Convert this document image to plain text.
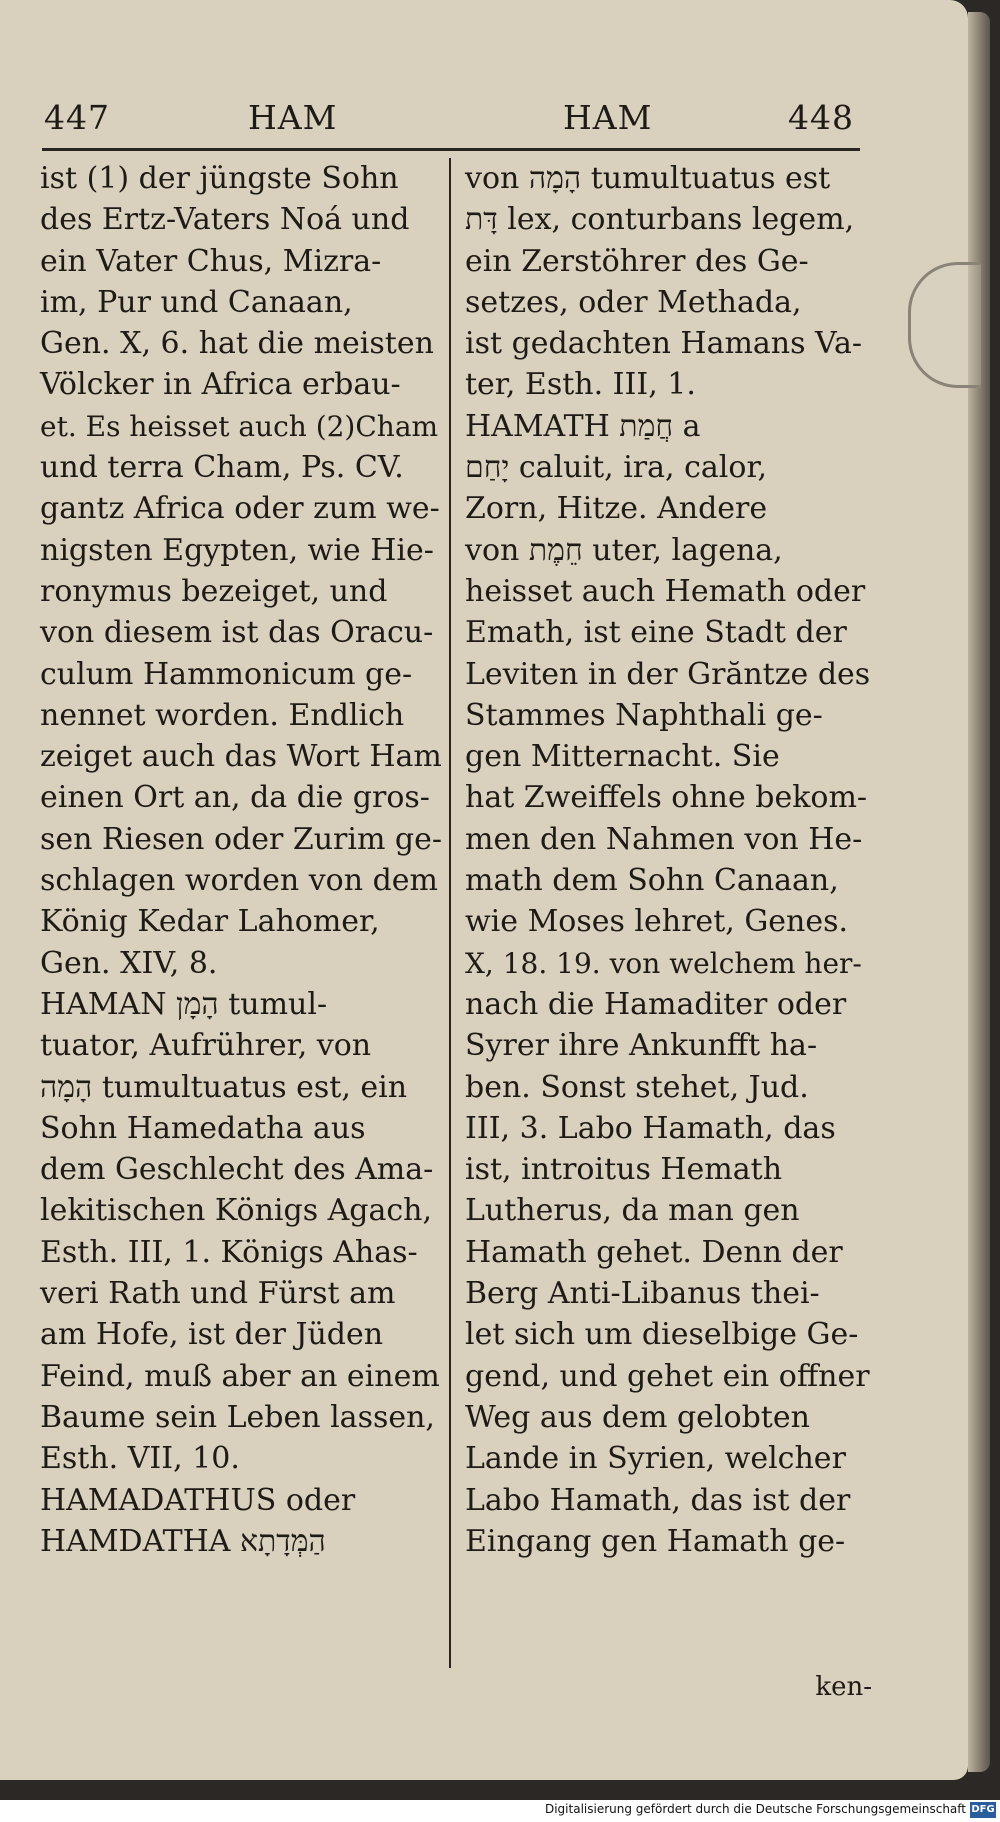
447	HAM	HAM	448
ist (1) der jüngste Sohn
des Ertz-Vaters Noá und
ein Vater Chus, Mizra-
im, Pur und Canaan,
Gen. X, 6. hat die meisten
Völcker in Africa erbau-
et. Es heisset auch (2)Cham
und terra Cham, Ps. CV.
gantz Africa oder zum we-
nigsten Egypten, wie Hie-
ronymus bezeiget, und
von diesem ist das Oracu-
culum Hammonicum ge-
nennet worden. Endlich
zeiget auch das Wort Ham
einen Ort an, da die gros-
sen Riesen oder Zurim ge-
schlagen worden von dem
König Kedar Lahomer,
Gen. XIV, 8.
HAMAN הָמָן tumul-
tuator, Aufrührer, von
הָמָה tumultuatus est, ein
Sohn Hamedatha aus
dem Geschlecht des Ama-
lekitischen Königs Agach,
Esth. III, 1. Königs Ahas-
veri Rath und Fürst am
am Hofe, ist der Jüden
Feind, muß aber an einem
Baume sein Leben lassen,
Esth. VII, 10.
HAMADATHUS oder
HAMDATHA הַמְּדָתָא
von הָמָה tumultuatus est
דָּת lex, conturbans legem,
ein Zerstöhrer des Ge-
setzes, oder Methada,
ist gedachten Hamans Va-
ter, Esth. III, 1.
HAMATH חֲמַת a
יָחַם caluit, ira, calor,
Zorn, Hitze. Andere
von חֵמֶת uter, lagena,
heisset auch Hemath oder
Emath, ist eine Stadt der
Leviten in der Grăntze des
Stammes Naphthali ge-
gen Mitternacht. Sie
hat Zweiffels ohne bekom-
men den Nahmen von He-
math dem Sohn Canaan,
wie Moses lehret, Genes.
X, 18. 19. von welchem her-
nach die Hamaditer oder
Syrer ihre Ankunfft ha-
ben. Sonst stehet, Jud.
III, 3. Labo Hamath, das
ist, introitus Hemath
Lutherus, da man gen
Hamath gehet. Denn der
Berg Anti-Libanus thei-
let sich um dieselbige Ge-
gend, und gehet ein offner
Weg aus dem gelobten
Lande in Syrien, welcher
Labo Hamath, das ist der
Eingang gen Hamath ge-
ken-
Digitalisierung gefördert durch die Deutsche Forschungsgemeinschaft DFG
